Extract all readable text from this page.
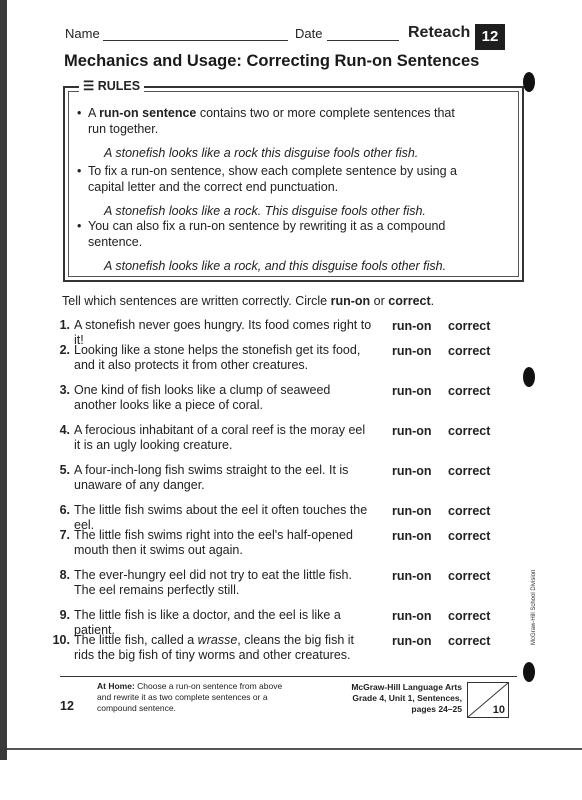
McGraw-Hill School Division
Name	Date	Reteach 12
Mechanics and Usage: Correcting Run-on Sentences
☰ RULES
• A run-on sentence contains two or more complete sentences that run together.
A stonefish looks like a rock this disguise fools other fish.
• To fix a run-on sentence, show each complete sentence by using a capital letter and the correct end punctuation.
A stonefish looks like a rock. This disguise fools other fish.
• You can also fix a run-on sentence by rewriting it as a compound sentence.
A stonefish looks like a rock, and this disguise fools other fish.
Tell which sentences are written correctly. Circle run-on or correct.
1. A stonefish never goes hungry. Its food comes right to it!
run-on correct
2. Looking like a stone helps the stonefish get its food,
and it also protects it from other creatures.
run-on correct
3. One kind of fish looks like a clump of seaweed
another looks like a piece of coral.
run-on correct
4. A ferocious inhabitant of a coral reef is the moray eel
it is an ugly looking creature.
run-on correct
5. A four-inch-long fish swims straight to the eel. It is
unaware of any danger.
run-on correct
6. The little fish swims about the eel it often touches the eel.
run-on correct
7. The little fish swims right into the eel's half-opened
mouth then it swims out again.
run-on correct
8. The ever-hungry eel did not try to eat the little fish.
The eel remains perfectly still.
run-on correct
9. The little fish is like a doctor, and the eel is like a patient.
run-on correct
10. The little fish, called a wrasse, cleans the big fish it
rids the big fish of tiny worms and other creatures.
run-on correct
12
At Home: Choose a run-on sentence from above and rewrite it as two complete sentences or a compound sentence.
McGraw-Hill Language Arts
Grade 4, Unit 1, Sentences,
pages 24–25	10
